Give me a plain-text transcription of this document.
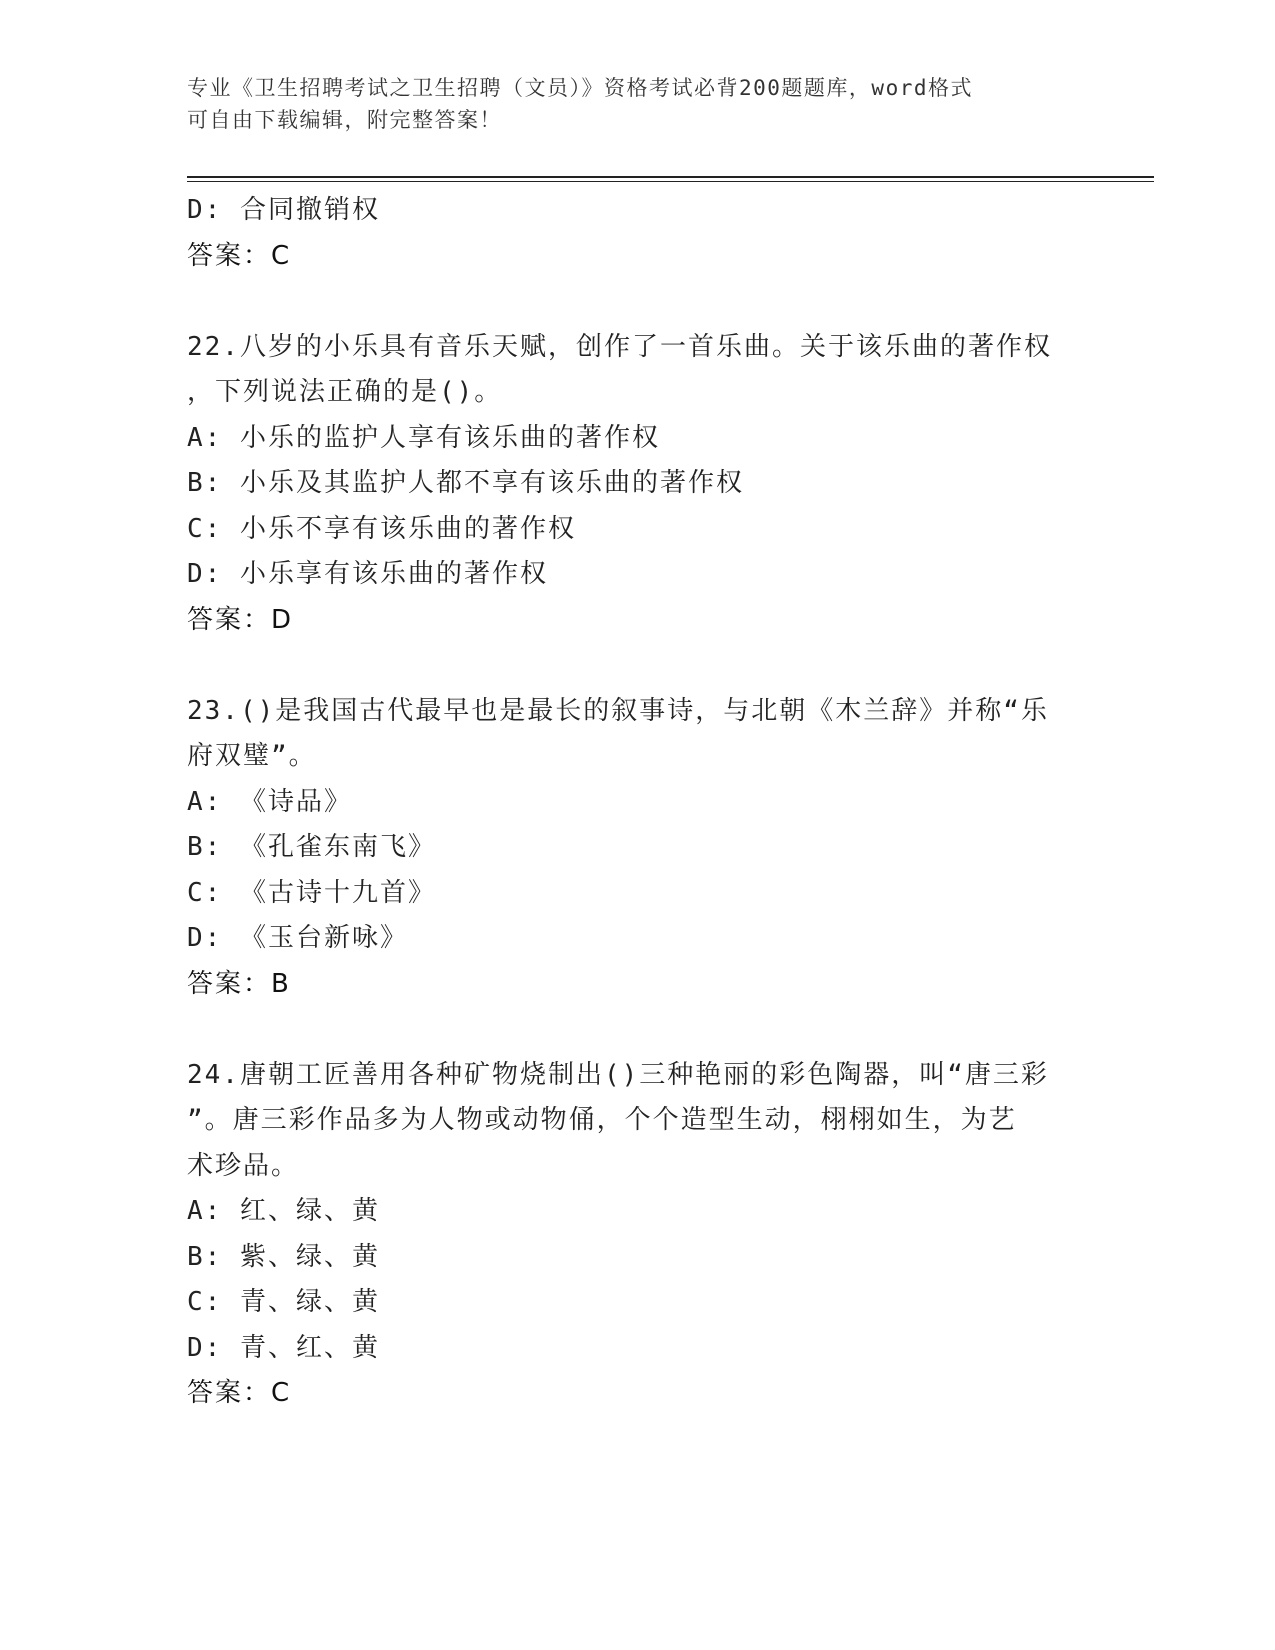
专业《卫生招聘考试之卫生招聘（文员）》资格考试必背200题题库，word格式
可自由下载编辑，附完整答案！
D: 合同撤销权
答案：C
22.八岁的小乐具有音乐天赋，创作了一首乐曲。关于该乐曲的著作权
，下列说法正确的是()。
A: 小乐的监护人享有该乐曲的著作权
B: 小乐及其监护人都不享有该乐曲的著作权
C: 小乐不享有该乐曲的著作权
D: 小乐享有该乐曲的著作权
答案：D
23.()是我国古代最早也是最长的叙事诗，与北朝《木兰辞》并称“乐
府双璧”。
A: 《诗品》
B: 《孔雀东南飞》
C: 《古诗十九首》
D: 《玉台新咏》
答案：B
24.唐朝工匠善用各种矿物烧制出()三种艳丽的彩色陶器，叫“唐三彩
”。唐三彩作品多为人物或动物俑，个个造型生动，栩栩如生，为艺
术珍品。
A: 红、绿、黄
B: 紫、绿、黄
C: 青、绿、黄
D: 青、红、黄
答案：C
